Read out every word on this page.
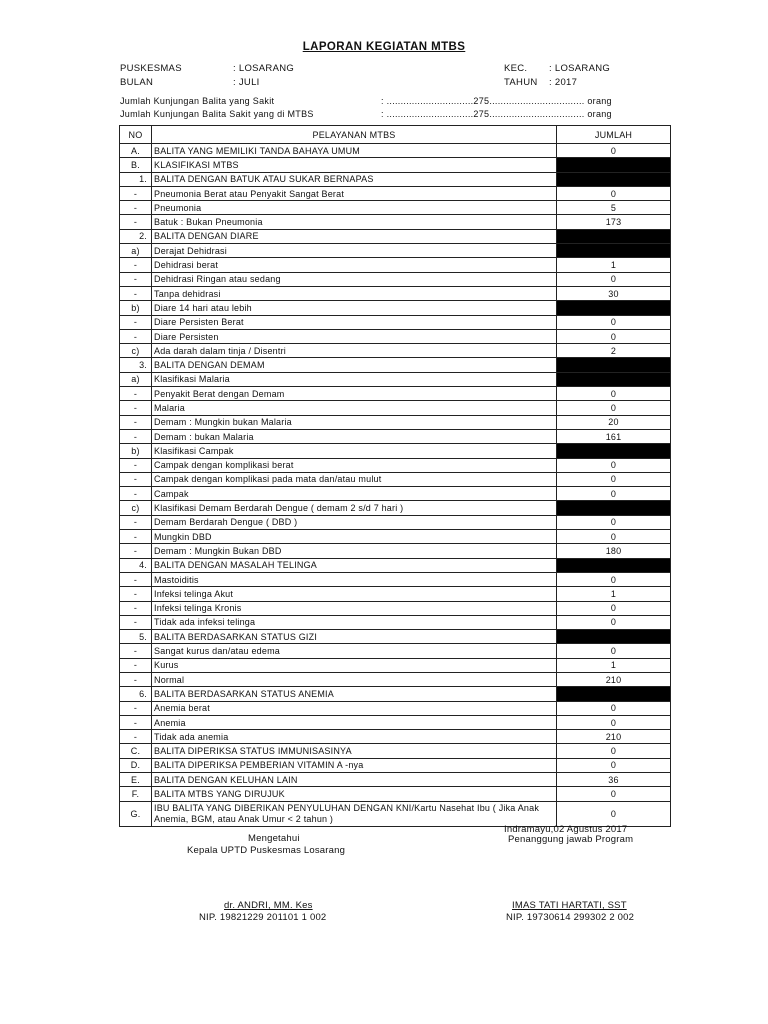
LAPORAN KEGIATAN MTBS
PUSKESMAS	: LOSARANG
BULAN	: JULI
KEC. : LOSARANG
TAHUN : 2017
Jumlah Kunjungan Balita yang Sakit	: ...............................275.................................. orang
Jumlah Kunjungan Balita Sakit yang di MTBS	: ...............................275.................................. orang
NO	PELAYANAN MTBS	JUMLAH
A.	BALITA YANG MEMILIKI TANDA BAHAYA UMUM	0
B.	KLASIFIKASI MTBS	
1.	BALITA DENGAN BATUK ATAU SUKAR BERNAPAS	
-	Pneumonia Berat atau Penyakit Sangat Berat	0
-	Pneumonia	5
-	Batuk : Bukan Pneumonia	173
2.	BALITA DENGAN DIARE	
a)	Derajat Dehidrasi	
-	Dehidrasi berat	1
-	Dehidrasi Ringan atau sedang	0
-	Tanpa dehidrasi	30
b)	Diare 14 hari atau lebih	
-	Diare Persisten Berat	0
-	Diare Persisten	0
c)	Ada darah dalam tinja / Disentri	2
3.	BALITA DENGAN DEMAM	
a)	Klasifikasi Malaria	
-	Penyakit Berat dengan Demam	0
-	Malaria	0
-	Demam : Mungkin bukan Malaria	20
-	Demam : bukan Malaria	161
b)	Klasifikasi Campak	
-	Campak dengan komplikasi berat	0
-	Campak dengan komplikasi pada mata dan/atau mulut	0
-	Campak	0
c)	Klasifikasi Demam Berdarah Dengue ( demam 2 s/d 7 hari )	
-	Demam Berdarah Dengue ( DBD )	0
-	Mungkin DBD	0
-	Demam : Mungkin Bukan DBD	180
4.	BALITA DENGAN MASALAH TELINGA	
-	Mastoiditis	0
-	Infeksi telinga Akut	1
-	Infeksi telinga Kronis	0
-	Tidak ada infeksi telinga	0
5.	BALITA BERDASARKAN STATUS GIZI	
-	Sangat kurus dan/atau edema	0
-	Kurus	1
-	Normal	210
6.	BALITA BERDASARKAN STATUS ANEMIA	
-	Anemia berat	0
-	Anemia	0
-	Tidak ada anemia	210
C.	BALITA DIPERIKSA STATUS IMMUNISASINYA	0
D.	BALITA DIPERIKSA PEMBERIAN VITAMIN A -nya	0
E.	BALITA DENGAN KELUHAN LAIN	36
F.	BALITA MTBS YANG DIRUJUK	0
G.	IBU BALITA YANG DIBERIKAN PENYULUHAN DENGAN KNI/Kartu Nasehat Ibu ( Jika Anak Anemia, BGM, atau Anak Umur < 2 tahun )	0
Indramayu,02 Agustus 2017
Penanggung jawab Program
Mengetahui
Kepala UPTD Puskesmas Losarang
dr. ANDRI, MM. Kes
NIP. 19821229 201101 1 002
IMAS TATI HARTATI, SST
NIP. 19730614 299302 2 002
